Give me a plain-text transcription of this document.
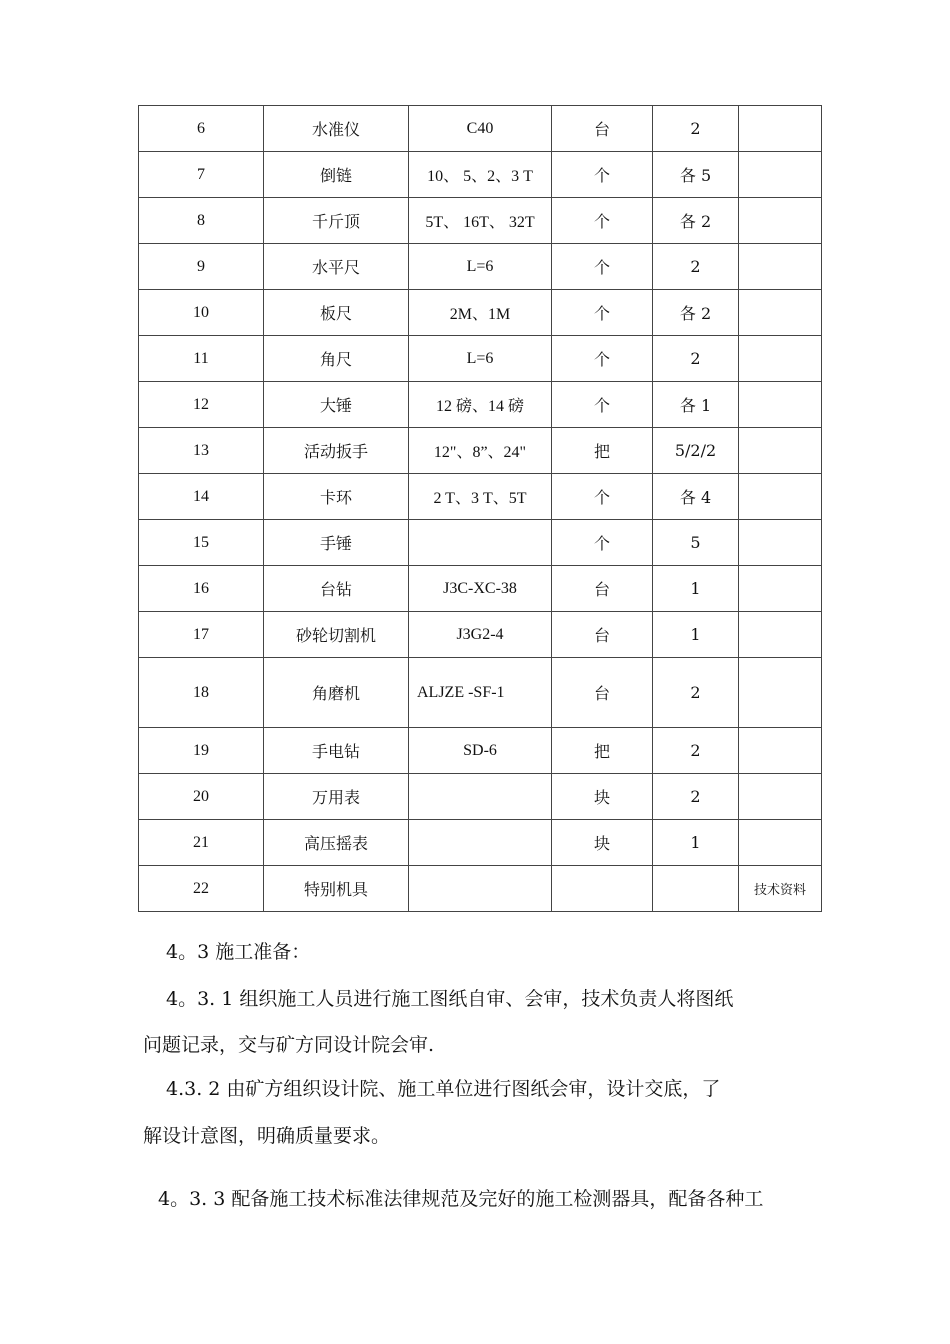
6	水准仪	C40	台	2	
7	倒链	10、 5、2、3 T	个	各 5	
8	千斤顶	5T、 16T、 32T	个	各 2	
9	水平尺	L=6	个	2	
10	板尺	2M、1M	个	各 2	
11	角尺	L=6	个	2	
12	大锤	12 磅、14 磅	个	各 1	
13	活动扳手	12"、8”、24"	把	5/2/2	
14	卡环	2 T、3 T、5T	个	各 4	
15	手锤		个	5	
16	台钻	J3C-XC-38	台	1	
17	砂轮切割机	J3G2-4	台	1	
18	角磨机	ALJZE -SF-1	台	2	
19	手电钻	SD-6	把	2	
20	万用表		块	2	
21	高压摇表		块	1	
22	特别机具				技术资料
4。3 施工准备：
4。3. 1 组织施工人员进行施工图纸自审、会审，技术负责人将图纸
问题记录，交与矿方同设计院会审.
4.3. 2 由矿方组织设计院、施工单位进行图纸会审，设计交底，了
解设计意图，明确质量要求。
4。3. 3 配备施工技术标准法律规范及完好的施工检测器具，配备各种工
